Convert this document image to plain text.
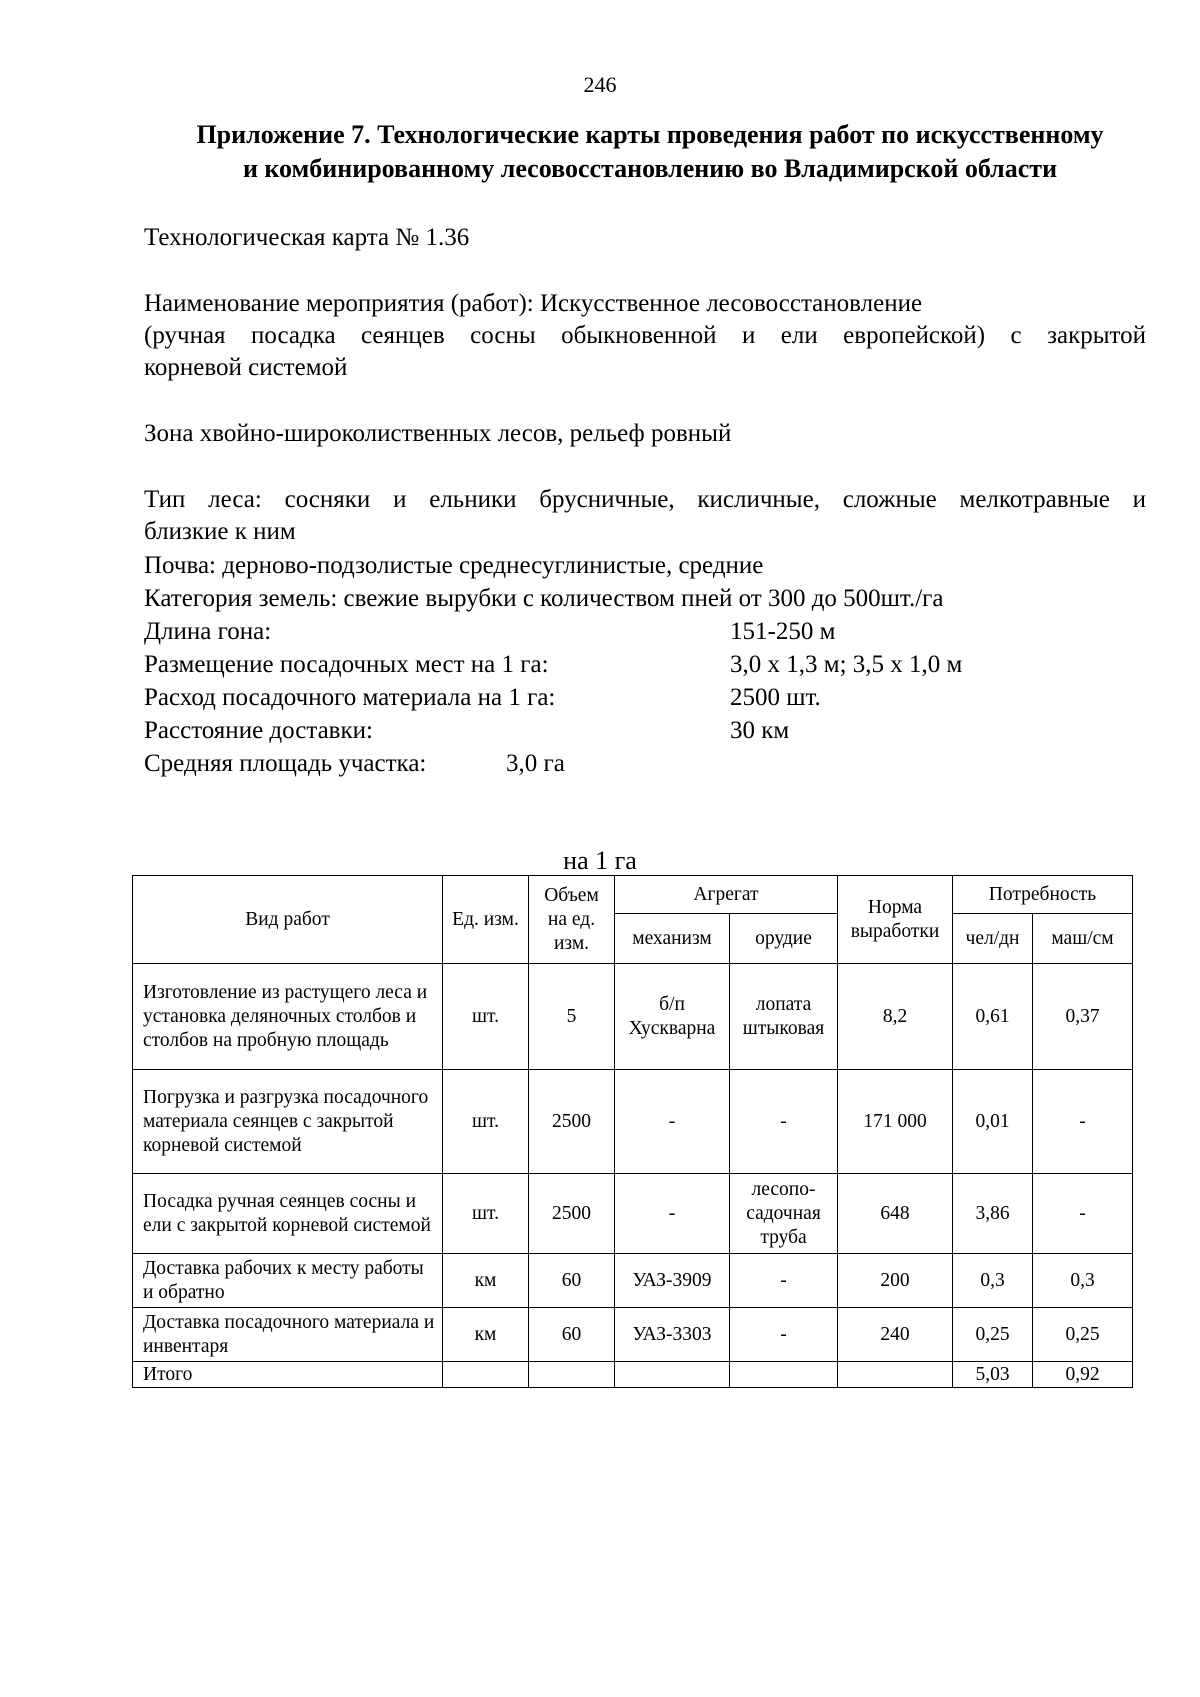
246
Приложение 7. Технологические карты проведения работ по искусственному
и комбинированному лесовосстановлению во Владимирской области
Технологическая карта № 1.36
Наименование мероприятия (работ): Искусственное лесовосстановление
(ручная посадка сеянцев сосны обыкновенной и ели европейской) с закрытой
корневой системой
Зона хвойно-широколиственных лесов, рельеф ровный
Тип леса: сосняки и ельники брусничные, кисличные, сложные мелкотравные и
близкие к ним
Почва: дерново-подзолистые среднесуглинистые, средние
Категория земель: свежие вырубки с количеством пней от 300 до 500шт./га
Длина гона:	151-250 м
Размещение посадочных мест на 1 га:	3,0 х 1,3 м; 3,5 х 1,0 м
Расход посадочного материала на 1 га:	2500 шт.
Расстояние доставки:	30 км
Средняя площадь участка:	3,0 га
на 1 га
Вид работ	Ед. изм.	Объем на ед. изм.	Агрегат		Норма выработки	Потребность	
			механизм	орудие		чел/дн	маш/см
Изготовление из растущего леса и установка деляночных столбов и столбов на пробную площадь	шт.	5	б/п Хускварна	лопата штыковая	8,2	0,61	0,37
Погрузка и разгрузка посадочного материала сеянцев с закрытой корневой системой	шт.	2500	-	-	171 000	0,01	-
Посадка ручная сеянцев сосны и ели с закрытой корневой системой	шт.	2500	-	лесопо-садочная труба	648	3,86	-
Доставка рабочих к месту работы и обратно	км	60	УАЗ-3909	-	200	0,3	0,3
Доставка посадочного материала и инвентаря	км	60	УАЗ-3303	-	240	0,25	0,25
Итого						5,03	0,92
